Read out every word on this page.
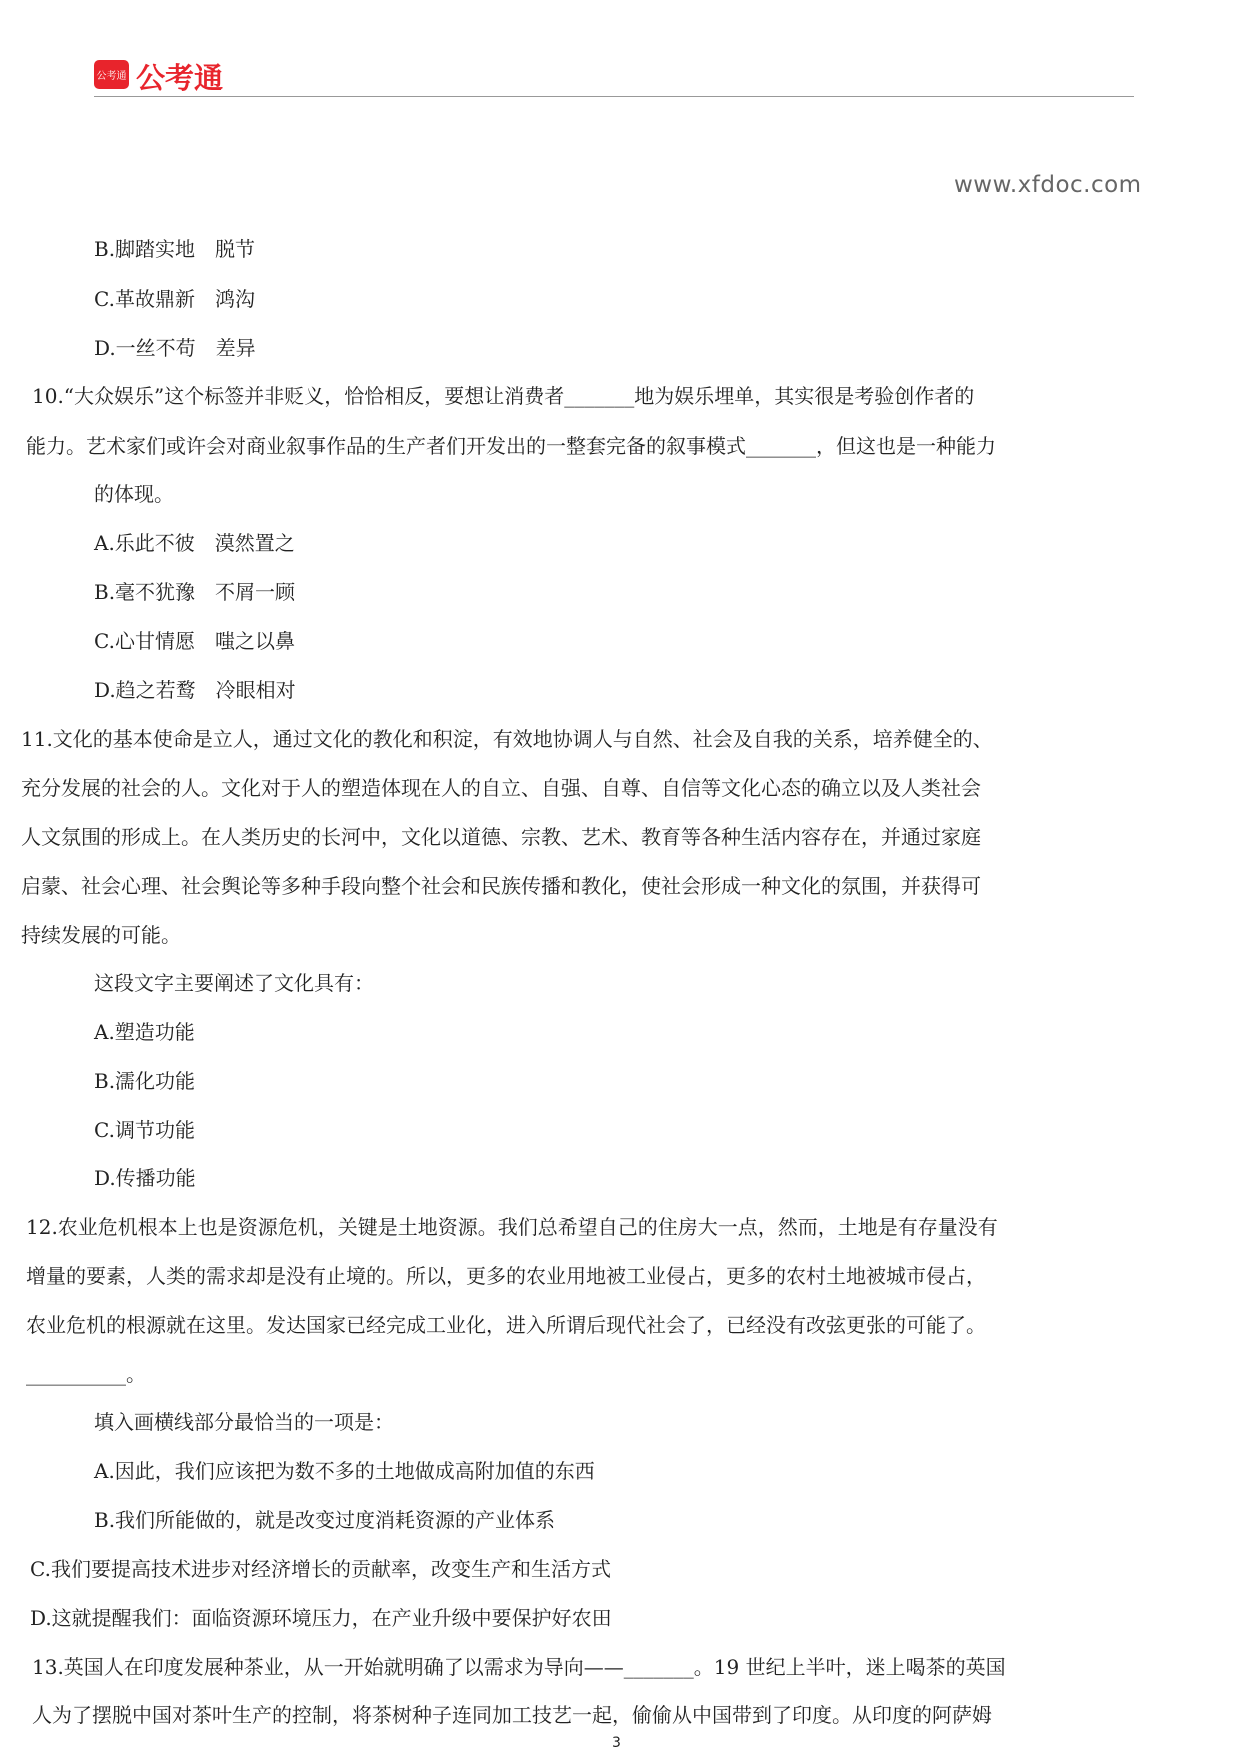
公考通 公考通
www.xfdoc.com
B.脚踏实地　脱节
C.革故鼎新　鸿沟
D.一丝不苟　差异
10.“大众娱乐”这个标签并非贬义，恰恰相反，要想让消费者_______地为娱乐埋单，其实很是考验创作者的
能力。艺术家们或许会对商业叙事作品的生产者们开发出的一整套完备的叙事模式_______，但这也是一种能力
的体现。
A.乐此不彼　漠然置之
B.毫不犹豫　不屑一顾
C.心甘情愿　嗤之以鼻
D.趋之若鹜　冷眼相对
11.文化的基本使命是立人，通过文化的教化和积淀，有效地协调人与自然、社会及自我的关系，培养健全的、
充分发展的社会的人。文化对于人的塑造体现在人的自立、自强、自尊、自信等文化心态的确立以及人类社会
人文氛围的形成上。在人类历史的长河中，文化以道德、宗教、艺术、教育等各种生活内容存在，并通过家庭
启蒙、社会心理、社会舆论等多种手段向整个社会和民族传播和教化，使社会形成一种文化的氛围，并获得可
持续发展的可能。
这段文字主要阐述了文化具有：
A.塑造功能
B.濡化功能
C.调节功能
D.传播功能
12.农业危机根本上也是资源危机，关键是土地资源。我们总希望自己的住房大一点，然而，土地是有存量没有
增量的要素，人类的需求却是没有止境的。所以，更多的农业用地被工业侵占，更多的农村土地被城市侵占，
农业危机的根源就在这里。发达国家已经完成工业化，进入所谓后现代社会了，已经没有改弦更张的可能了。
__________。
填入画横线部分最恰当的一项是：
A.因此，我们应该把为数不多的土地做成高附加值的东西
B.我们所能做的，就是改变过度消耗资源的产业体系
C.我们要提高技术进步对经济增长的贡献率，改变生产和生活方式
D.这就提醒我们：面临资源环境压力，在产业升级中要保护好农田
13.英国人在印度发展种茶业，从一开始就明确了以需求为导向——_______。19 世纪上半叶，迷上喝茶的英国
人为了摆脱中国对茶叶生产的控制，将茶树种子连同加工技艺一起，偷偷从中国带到了印度。从印度的阿萨姆
3
